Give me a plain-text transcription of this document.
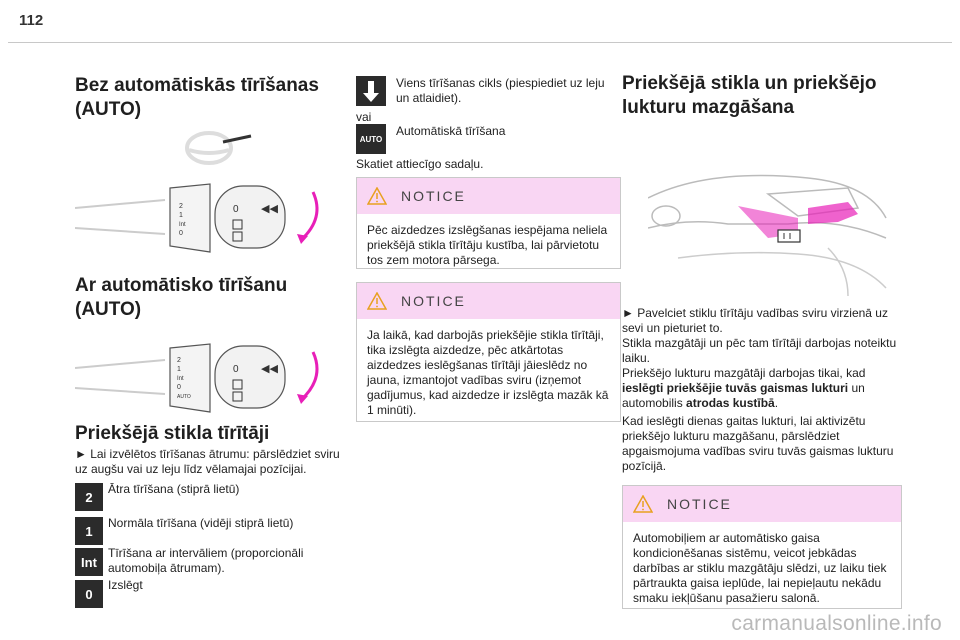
112
Bez automātiskās tīrīšanas (AUTO)
2
1
Int
0
0 ◀◀
Ar automātisko tīrīšanu (AUTO)
2
1
Int
0
AUTO
0 ◀◀
Priekšējā stikla tīrītāji

► Lai izvēlētos tīrīšanas ātrumu: pārslēdziet sviru uz augšu vai uz leju līdz vēlamajai pozīcijai.

2
Ātra tīrīšana (stiprā lietū)
1
Normāla tīrīšana (vidēji stiprā lietū)
Int
Tīrīšana ar intervāliem (proporcionāli automobiļa ātrumam).
0
Izslēgt

Viens tīrīšanas cikls (piespiediet uz leju un atlaidiet).

vai

AUTO

Automātiskā tīrīšana

Skatiet attiecīgo sadaļu.

NOTICE
Pēc aizdedzes izslēgšanas iespējama neliela priekšējā stikla tīrītāju kustība, lai pārvietotu tos zem motora pārsega.
NOTICE
Ja laikā, kad darbojās priekšējie stikla tīrītāji, tika izslēgta aizdedze, pēc atkārtotas aizdedzes ieslēgšanas tīrītāji jāieslēdz no jauna, izmantojot vadības sviru (izņemot gadījumus, kad aizdedze ir izslēgta mazāk kā 1 minūti).
Priekšējā stikla un priekšējo lukturu mazgāšana

► Pavelciet stiklu tīrītāju vadības sviru virzienā uz sevi un pieturiet to.

Stikla mazgātāji un pēc tam tīrītāji darbojas noteiktu laiku.

Priekšējo lukturu mazgātāji darbojas tikai, kad ieslēgti priekšējie tuvās gaismas lukturi un automobilis atrodas kustībā.

Kad ieslēgti dienas gaitas lukturi, lai aktivizētu priekšējo lukturu mazgāšanu, pārslēdziet apgaismojuma vadības sviru tuvās gaismas lukturu pozīcijā.

NOTICE
Automobiļiem ar automātisko gaisa kondicionēšanas sistēmu, veicot jebkādas darbības ar stiklu mazgātāju slēdzi, uz laiku tiek pārtraukta gaisa ieplūde, lai nepieļautu nekādu smaku iekļūšanu pasažieru salonā.
carmanualsonline.info
